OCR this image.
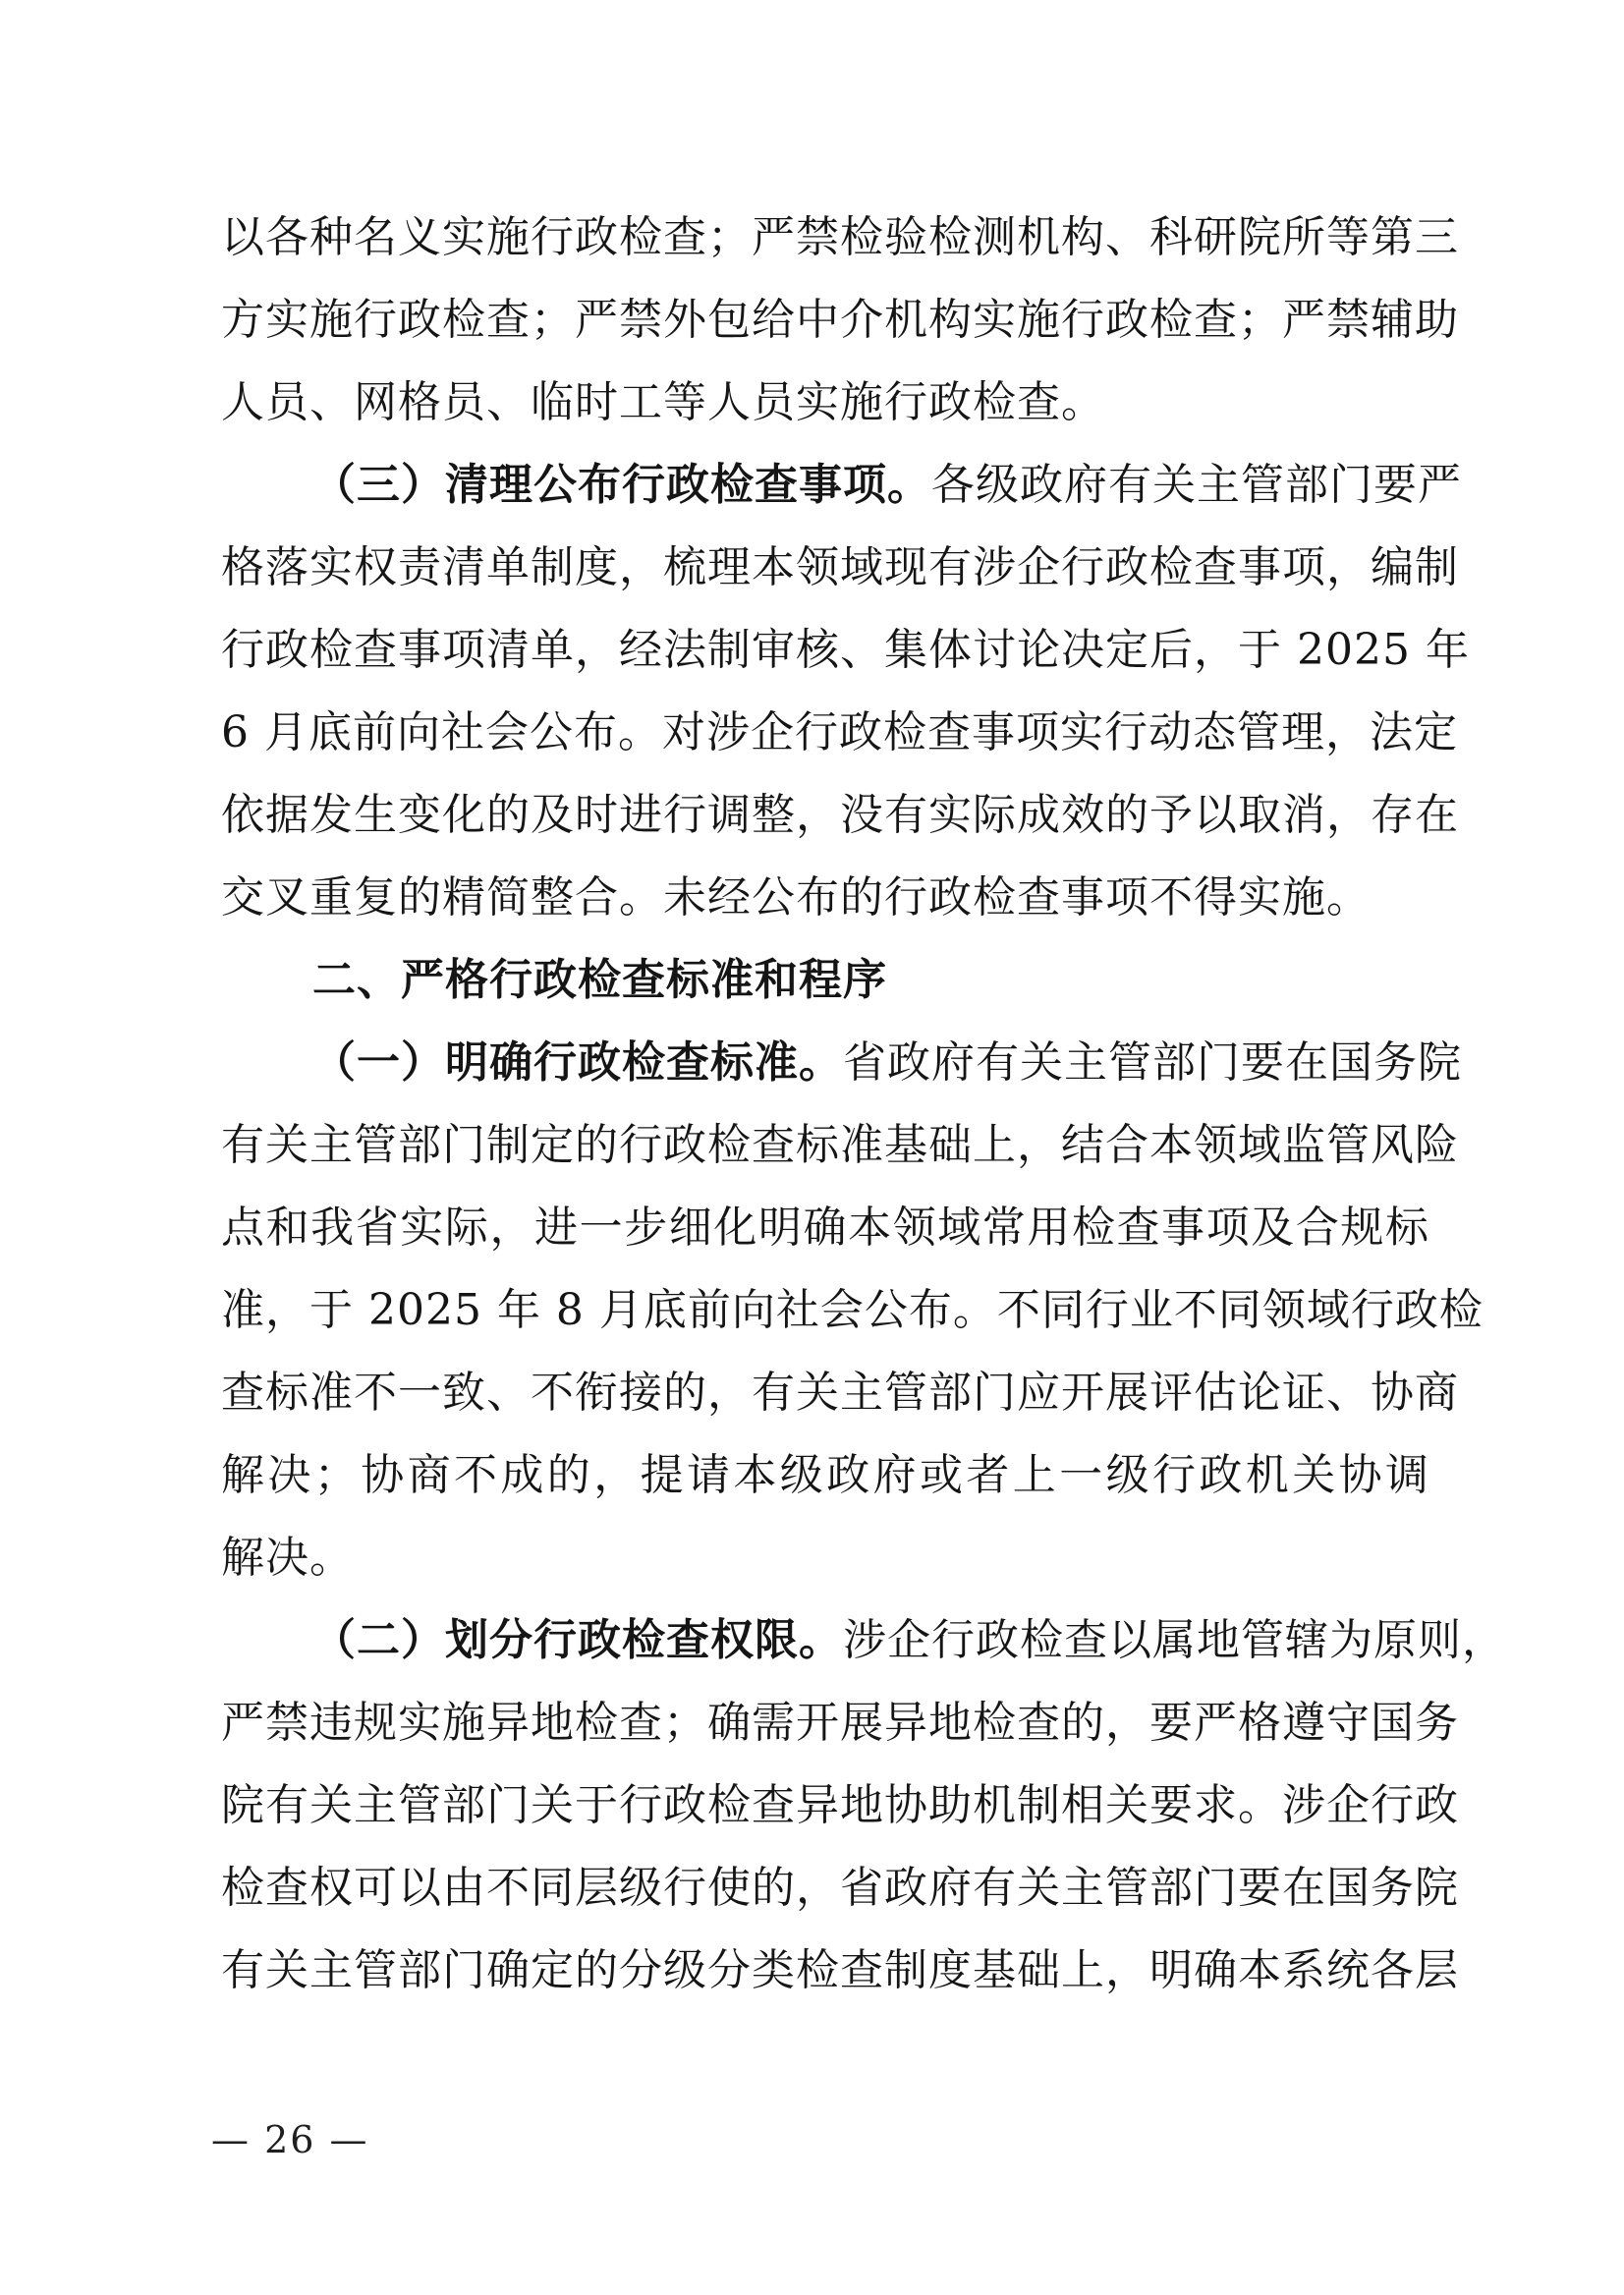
以各种名义实施行政检查；严禁检验检测机构、科研院所等第三
方实施行政检查；严禁外包给中介机构实施行政检查；严禁辅助
人员、网格员、临时工等人员实施行政检查。
（三）清理公布行政检查事项。 各级政府有关主管部门要严
格落实权责清单制度，梳理本领域现有涉企行政检查事项，编制
行政检查事项清单，经法制审核、集体讨论决定后，于 2025 年
6 月底前向社会公布。对涉企行政检查事项实行动态管理，法定
依据发生变化的及时进行调整，没有实际成效的予以取消，存在
交叉重复的精简整合。未经公布的行政检查事项不得实施。
二、严格行政检查标准和程序
（一）明确行政检查标准。 省政府有关主管部门要在国务院
有关主管部门制定的行政检查标准基础上，结合本领域监管风险
点和我省实际，进一步细化明确本领域常用检查事项及合规标
准，于 2025 年 8 月底前向社会公布。不同行业不同领域行政检
查标准不一致、不衔接的，有关主管部门应开展评估论证、协商
解决；协商不成的，提请本级政府或者上一级行政机关协调
解决。
（二）划分行政检查权限。 涉企行政检查以属地管辖为原则，
严禁违规实施异地检查；确需开展异地检查的，要严格遵守国务
院有关主管部门关于行政检查异地协助机制相关要求。涉企行政
检查权可以由不同层级行使的，省政府有关主管部门要在国务院
有关主管部门确定的分级分类检查制度基础上，明确本系统各层
— 26 —
